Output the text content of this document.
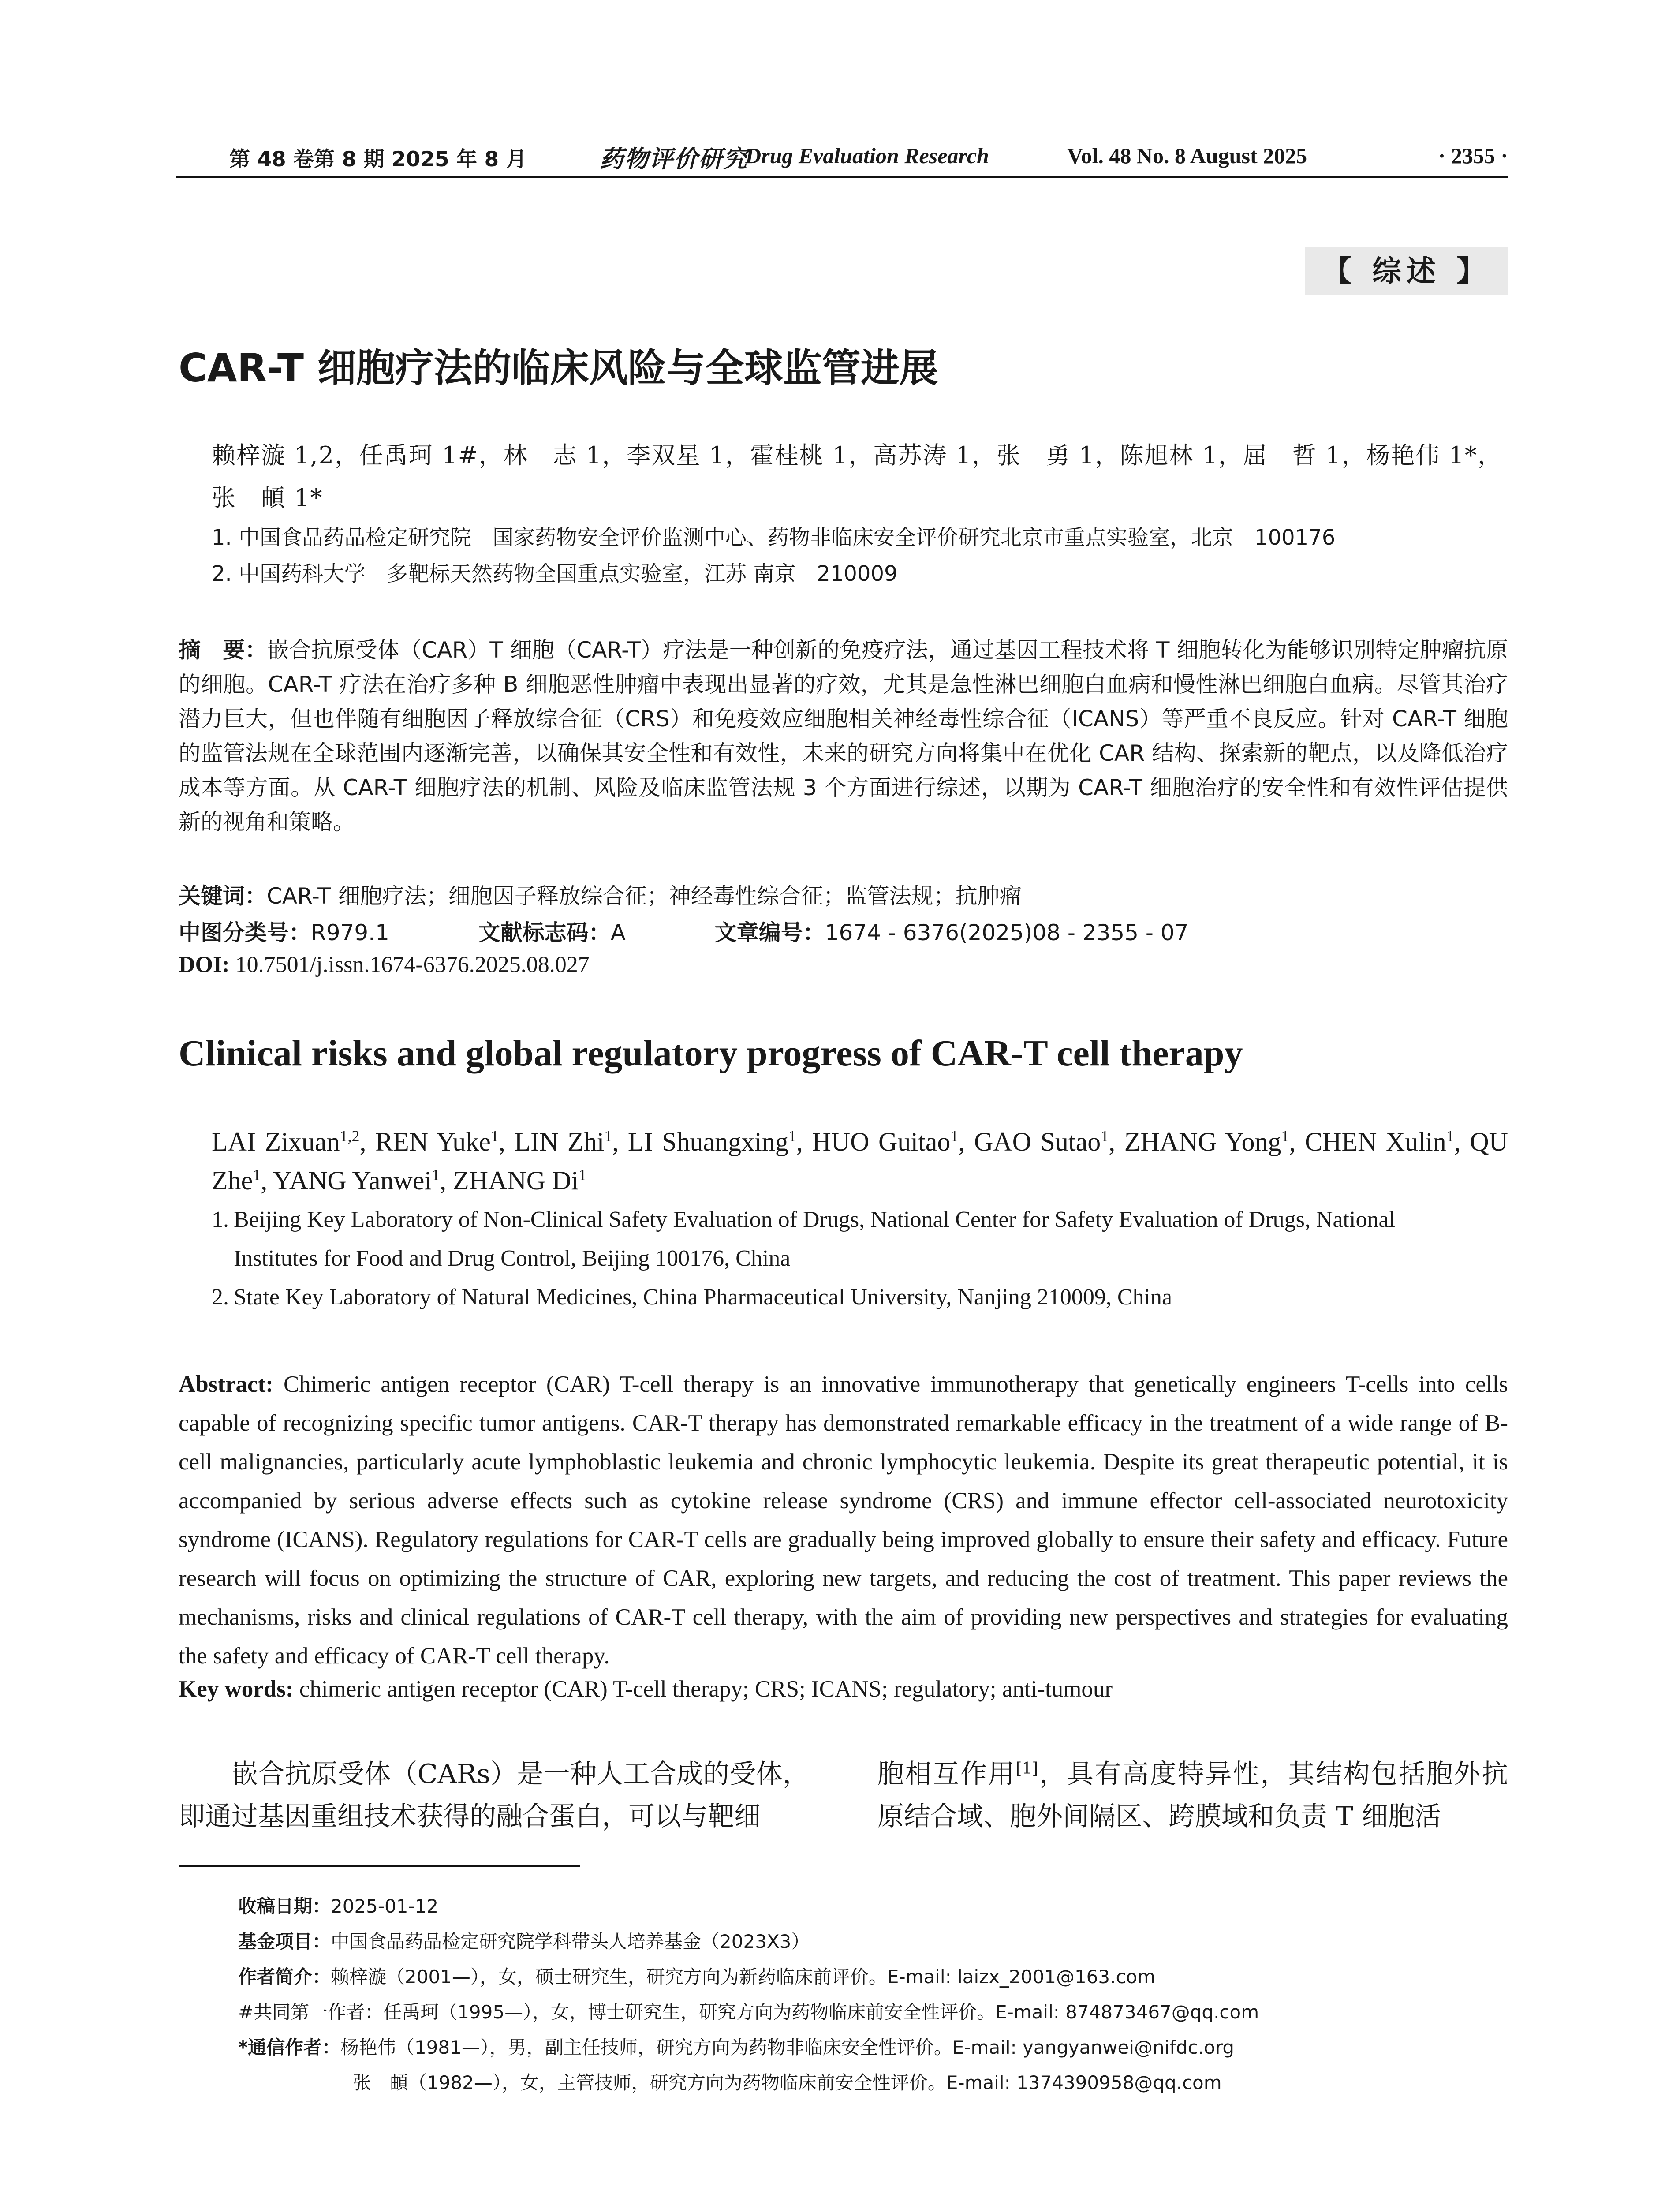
第 48 卷第 8 期 2025 年 8 月	药物评价研究
Drug Evaluation Research	Vol. 48 No. 8 August 2025	· 2355 ·
【 综述 】
CAR-T 细胞疗法的临床风险与全球监管进展
赖梓漩 1,2，任禹珂 1#，林　志 1，李双星 1，霍桂桃 1，高苏涛 1，张　勇 1，陈旭林 1，屈　哲 1，杨艳伟 1*，
张　頔 1*
1. 中国食品药品检定研究院　国家药物安全评价监测中心、药物非临床安全评价研究北京市重点实验室，北京　100176
2. 中国药科大学　多靶标天然药物全国重点实验室，江苏 南京　210009
摘　要：嵌合抗原受体（CAR）T 细胞（CAR-T）疗法是一种创新的免疫疗法，通过基因工程技术将 T 细胞转化为能够识别特定肿瘤抗原的细胞。CAR-T 疗法在治疗多种 B 细胞恶性肿瘤中表现出显著的疗效，尤其是急性淋巴细胞白血病和慢性淋巴细胞白血病。尽管其治疗潜力巨大，但也伴随有细胞因子释放综合征（CRS）和免疫效应细胞相关神经毒性综合征（ICANS）等严重不良反应。针对 CAR-T 细胞的监管法规在全球范围内逐渐完善，以确保其安全性和有效性，未来的研究方向将集中在优化 CAR 结构、探索新的靶点，以及降低治疗成本等方面。从 CAR-T 细胞疗法的机制、风险及临床监管法规 3 个方面进行综述，以期为 CAR-T 细胞治疗的安全性和有效性评估提供新的视角和策略。
关键词：CAR-T 细胞疗法；细胞因子释放综合征；神经毒性综合征；监管法规；抗肿瘤
中图分类号：R979.1	文献标志码：A	文章编号：1674 - 6376(2025)08 - 2355 - 07
DOI: 10.7501/j.issn.1674-6376.2025.08.027
Clinical risks and global regulatory progress of CAR-T cell therapy
LAI Zixuan$^{1,2}$, REN Yuke$^1$, LIN Zhi$^1$, LI Shuangxing$^1$, HUO Guitao$^1$, GAO Sutao$^1$, ZHANG Yong$^1$, CHEN Xulin$^1$, QU Zhe$^1$, YANG Yanwei$^1$, ZHANG Di$^1$
1. Beijing Key Laboratory of Non-Clinical Safety Evaluation of Drugs, National Center for Safety Evaluation of Drugs, National
Institutes for Food and Drug Control, Beijing 100176, China
2. State Key Laboratory of Natural Medicines, China Pharmaceutical University, Nanjing 210009, China
Abstract: Chimeric antigen receptor (CAR) T-cell therapy is an innovative immunotherapy that genetically engineers T-cells into cells capable of recognizing specific tumor antigens. CAR-T therapy has demonstrated remarkable efficacy in the treatment of a wide range of B-cell malignancies, particularly acute lymphoblastic leukemia and chronic lymphocytic leukemia. Despite its great therapeutic potential, it is accompanied by serious adverse effects such as cytokine release syndrome (CRS) and immune effector cell-associated neurotoxicity syndrome (ICANS). Regulatory regulations for CAR-T cells are gradually being improved globally to ensure their safety and efficacy. Future research will focus on optimizing the structure of CAR, exploring new targets, and reducing the cost of treatment. This paper reviews the mechanisms, risks and clinical regulations of CAR-T cell therapy, with the aim of providing new perspectives and strategies for evaluating the safety and efficacy of CAR-T cell therapy.
Key words: chimeric antigen receptor (CAR) T-cell therapy; CRS; ICANS; regulatory; anti-tumour
嵌合抗原受体（CARs）是一种人工合成的受体，即通过基因重组技术获得的融合蛋白，可以与靶细
胞相互作用[1]，具有高度特异性，其结构包括胞外抗原结合域、胞外间隔区、跨膜域和负责 T 细胞活
收稿日期：2025-01-12
基金项目：中国食品药品检定研究院学科带头人培养基金（2023X3）
作者简介：赖梓漩（2001—），女，硕士研究生，研究方向为新药临床前评价。E-mail: laizx_2001@163.com
#共同第一作者：任禹珂（1995—），女，博士研究生，研究方向为药物临床前安全性评价。E-mail: 874873467@qq.com
*通信作者：杨艳伟（1981—），男，副主任技师，研究方向为药物非临床安全性评价。E-mail: yangyanwei@nifdc.org
张　頔（1982—），女，主管技师，研究方向为药物临床前安全性评价。E-mail: 1374390958@qq.com
